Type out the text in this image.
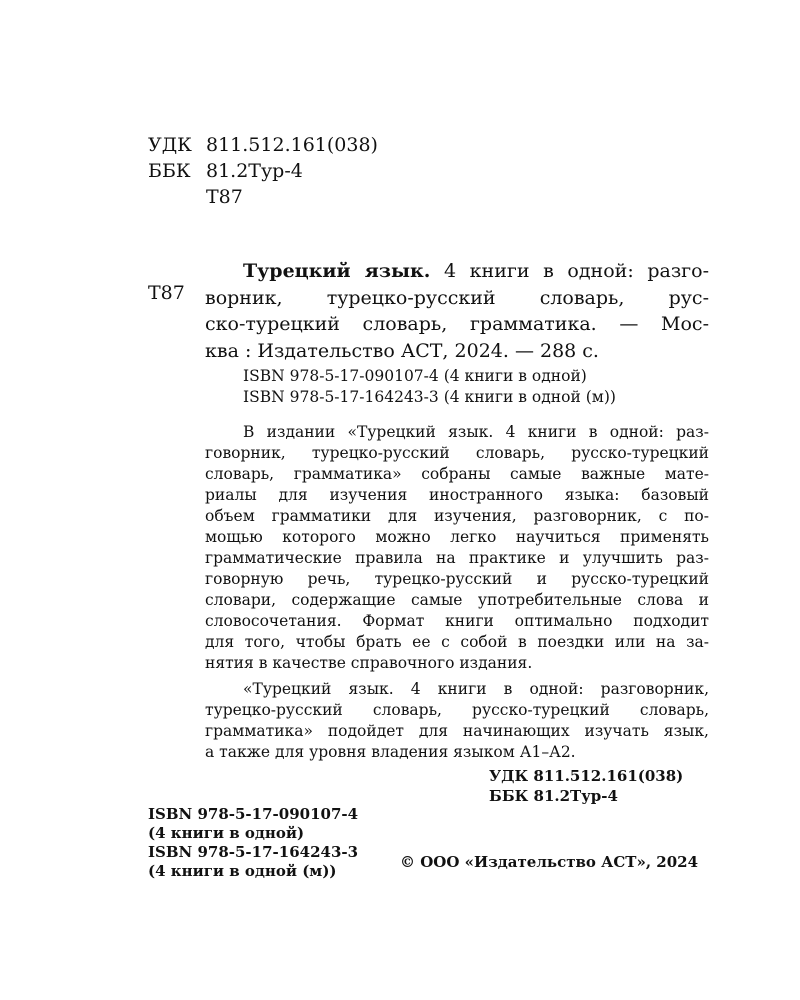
УДК 811.512.161(038)
ББК 81.2Тур-4
Т87
Т87
Турецкий язык. 4 книги в одной: разго-
ворник, турецко-русский словарь, рус-
ско-турецкий словарь, грамматика. — Мос-
ква : Издательство АСТ, 2024. — 288 с.
ISBN 978-5-17-090107-4 (4 книги в одной)
ISBN 978-5-17-164243-3 (4 книги в одной (м))
В издании «Турецкий язык. 4 книги в одной: раз-
говорник, турецко-русский словарь, русско-турецкий
словарь, грамматика» собраны самые важные мате-
риалы для изучения иностранного языка: базовый
объем грамматики для изучения, разговорник, с по-
мощью которого можно легко научиться применять
грамматические правила на практике и улучшить раз-
говорную речь, турецко-русский и русско-турецкий
словари, содержащие самые употребительные слова и
словосочетания. Формат книги оптимально подходит
для того, чтобы брать ее с собой в поездки или на за-
нятия в качестве справочного издания.
«Турецкий язык. 4 книги в одной: разговорник,
турецко-русский словарь, русско-турецкий словарь,
грамматика» подойдет для начинающих изучать язык,
а также для уровня владения языком А1–А2.
УДК 811.512.161(038)
ББК 81.2Тур-4
ISBN 978-5-17-090107-4
(4 книги в одной)
ISBN 978-5-17-164243-3
(4 книги в одной (м))	© ООО «Издательство АСТ», 2024
